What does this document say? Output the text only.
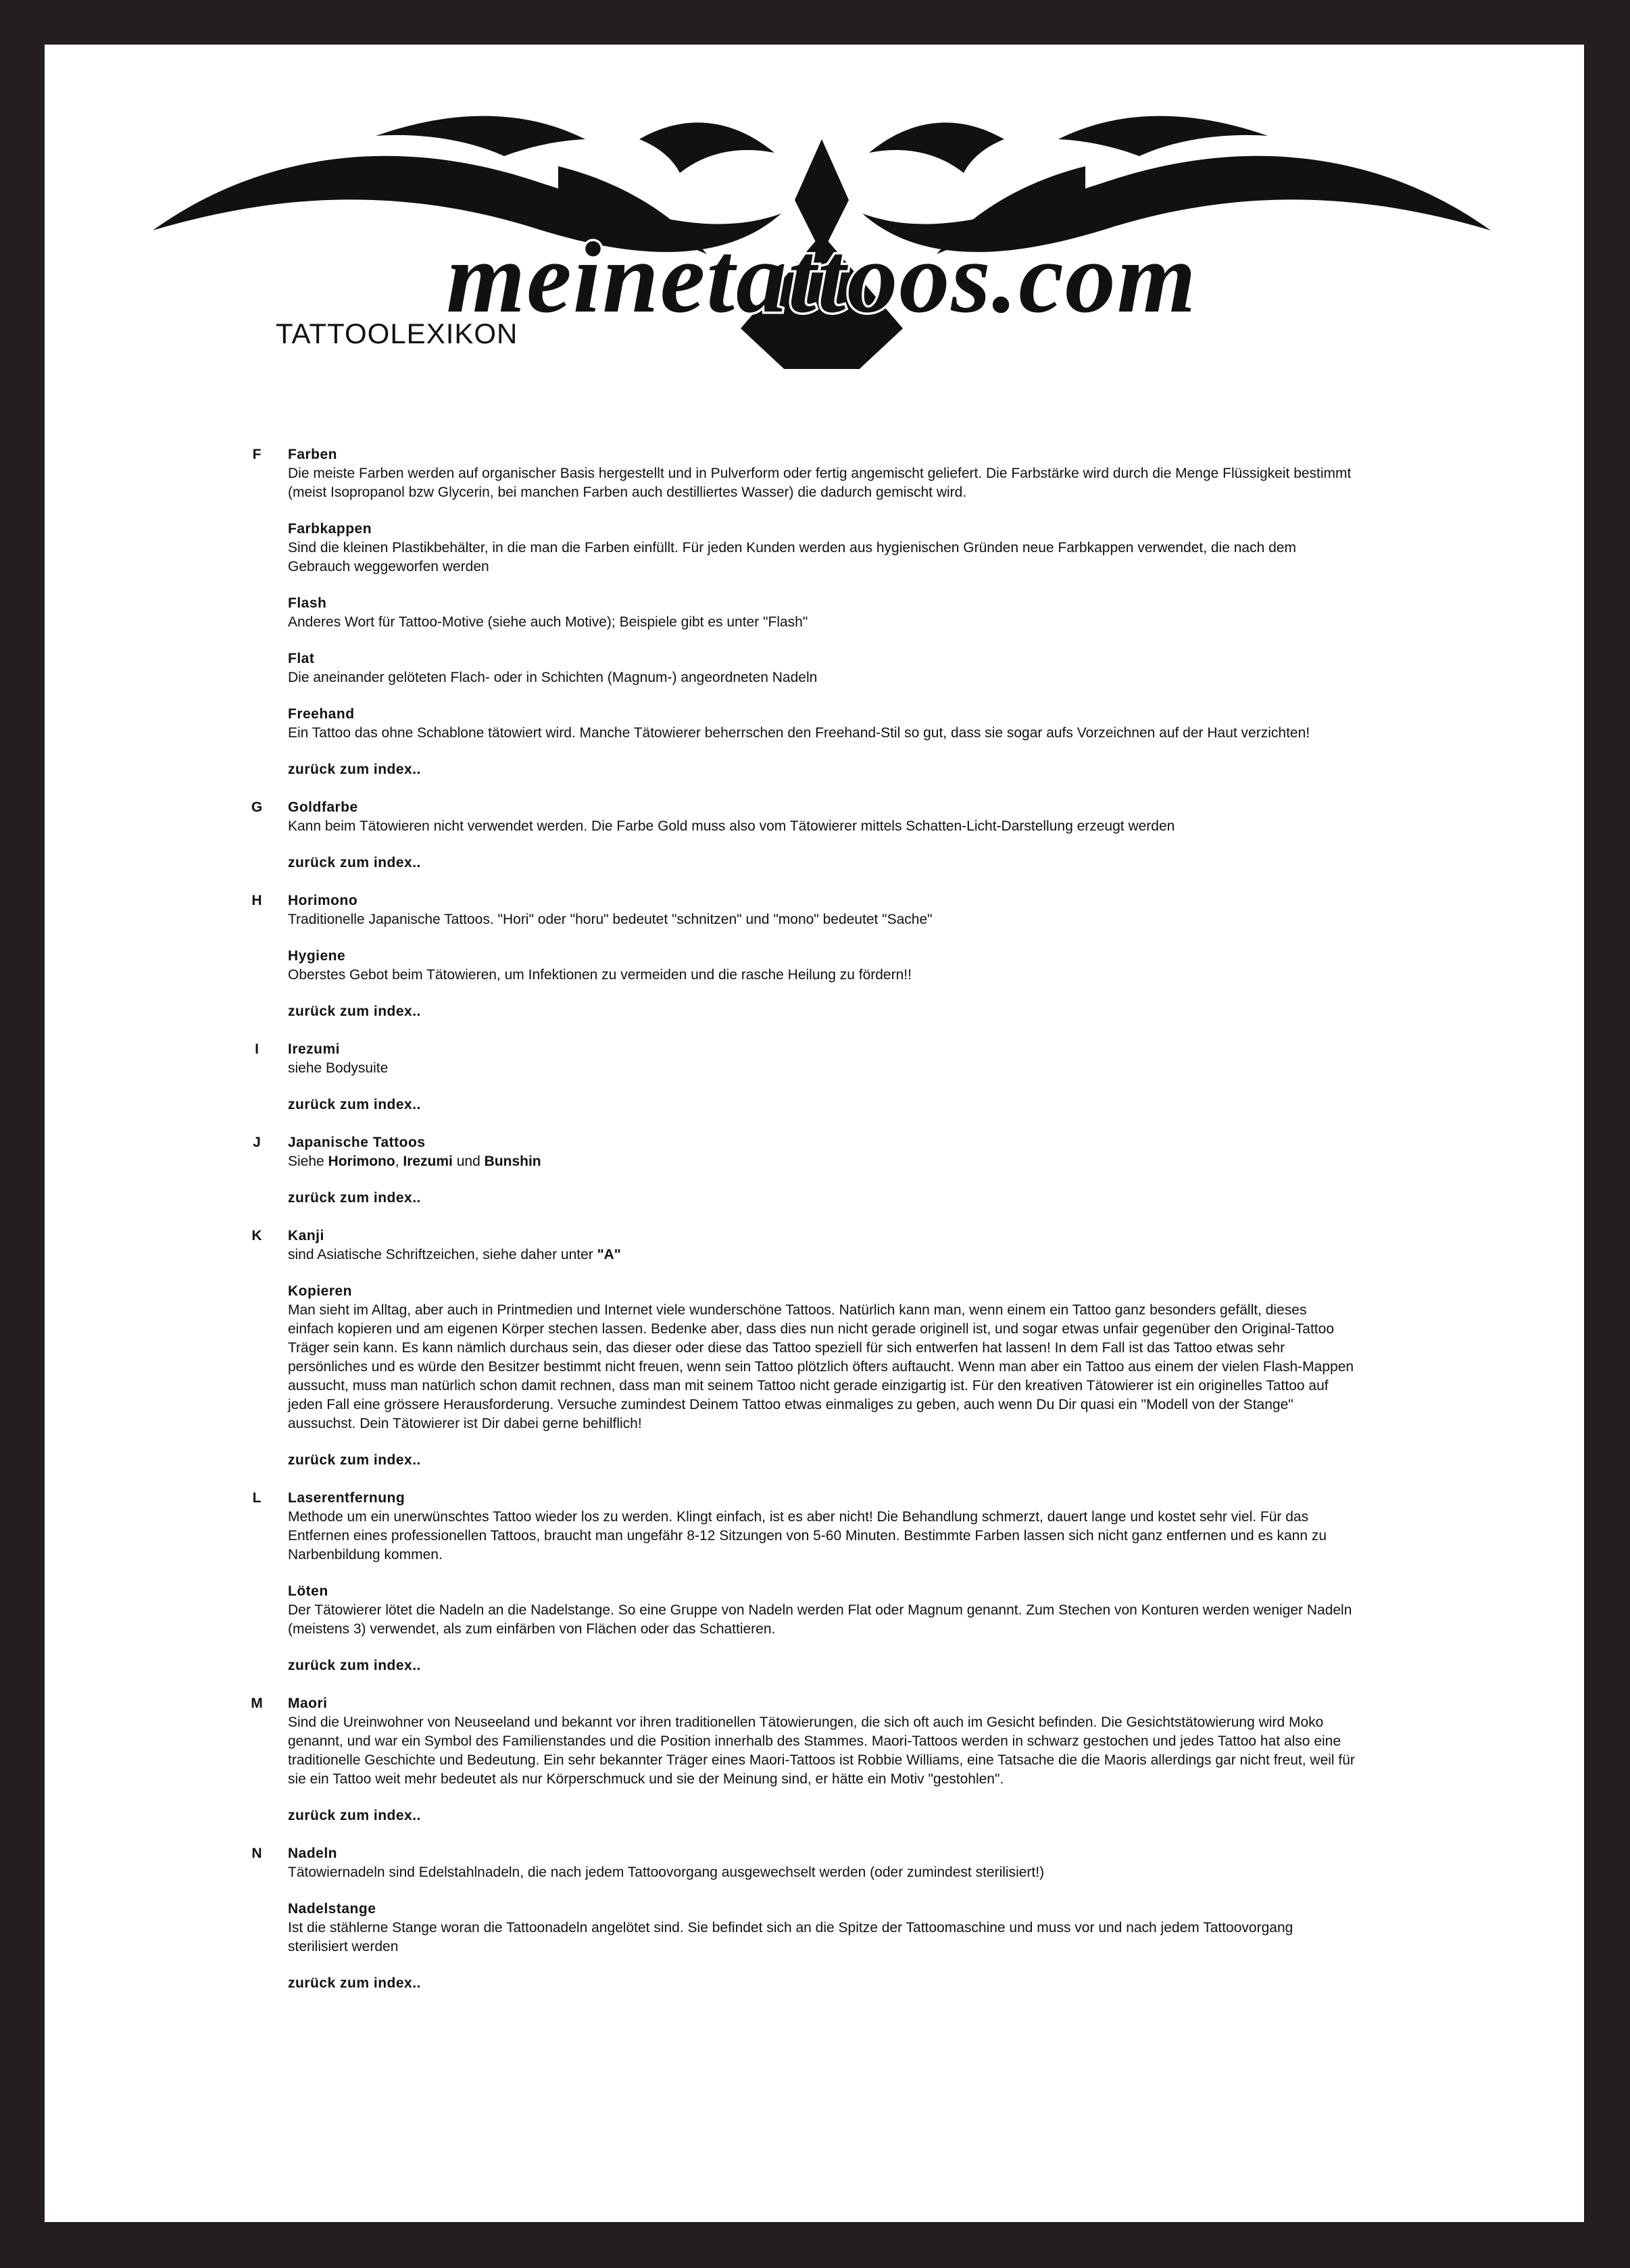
meinetattoos.com
TATTOOLEXIKON
F	Farben
Die meiste Farben werden auf organischer Basis hergestellt und in Pulverform oder fertig angemischt geliefert. Die Farbstärke wird durch die Menge Flüssigkeit bestimmt (meist Isopropanol bzw Glycerin, bei manchen Farben auch destilliertes Wasser) die dadurch gemischt wird.
Farbkappen
Sind die kleinen Plastikbehälter, in die man die Farben einfüllt. Für jeden Kunden werden aus hygienischen Gründen neue Farbkappen verwendet, die nach dem Gebrauch weggeworfen werden
Flash
Anderes Wort für Tattoo-Motive (siehe auch Motive); Beispiele gibt es unter "Flash"
Flat
Die aneinander gelöteten Flach- oder in Schichten (Magnum-) angeordneten Nadeln
Freehand
Ein Tattoo das ohne Schablone tätowiert wird. Manche Tätowierer beherrschen den Freehand-Stil so gut, dass sie sogar aufs Vorzeichnen auf der Haut verzichten!
zurück zum index..
G Goldfarbe
Kann beim Tätowieren nicht verwendet werden. Die Farbe Gold muss also vom Tätowierer mittels Schatten-Licht-Darstellung erzeugt werden
zurück zum index..
H	Horimono
Traditionelle Japanische Tattoos. "Hori" oder "horu" bedeutet "schnitzen" und "mono" bedeutet "Sache"
Hygiene
Oberstes Gebot beim Tätowieren, um Infektionen zu vermeiden und die rasche Heilung zu fördern!!
zurück zum index..
I	Irezumi
siehe Bodysuite
zurück zum index..
J	Japanische Tattoos
Siehe Horimono, Irezumi und Bunshin
zurück zum index..
K	Kanji
sind Asiatische Schriftzeichen, siehe daher unter "A"
Kopieren
Man sieht im Alltag, aber auch in Printmedien und Internet viele wunderschöne Tattoos. Natürlich kann man, wenn einem ein Tattoo ganz besonders gefällt, dieses einfach kopieren und am eigenen Körper stechen lassen. Bedenke aber, dass dies nun nicht gerade originell ist, und sogar etwas unfair gegenüber den Original-Tattoo Träger sein kann. Es kann nämlich durchaus sein, das dieser oder diese das Tattoo speziell für sich entwerfen hat lassen! In dem Fall ist das Tattoo etwas sehr persönliches und es würde den Besitzer bestimmt nicht freuen, wenn sein Tattoo plötzlich öfters auftaucht. Wenn man aber ein Tattoo aus einem der vielen Flash-Mappen aussucht, muss man natürlich schon damit rechnen, dass man mit seinem Tattoo nicht gerade einzigartig ist. Für den kreativen Tätowierer ist ein originelles Tattoo auf jeden Fall eine grössere Herausforderung. Versuche zumindest Deinem Tattoo etwas einmaliges zu geben, auch wenn Du Dir quasi ein "Modell von der Stange" aussuchst. Dein Tätowierer ist Dir dabei gerne behilflich!
zurück zum index..
L	Laserentfernung
Methode um ein unerwünschtes Tattoo wieder los zu werden. Klingt einfach, ist es aber nicht! Die Behandlung schmerzt, dauert lange und kostet sehr viel. Für das Entfernen eines professionellen Tattoos, braucht man ungefähr 8-12 Sitzungen von 5-60 Minuten. Bestimmte Farben lassen sich nicht ganz entfernen und es kann zu Narbenbildung kommen.
Löten
Der Tätowierer lötet die Nadeln an die Nadelstange. So eine Gruppe von Nadeln werden Flat oder Magnum genannt. Zum Stechen von Konturen werden weniger Nadeln (meistens 3) verwendet, als zum einfärben von Flächen oder das Schattieren.
zurück zum index..
M Maori
Sind die Ureinwohner von Neuseeland und bekannt vor ihren traditionellen Tätowierungen, die sich oft auch im Gesicht befinden. Die Gesichtstätowierung wird Moko genannt, und war ein Symbol des Familienstandes und die Position innerhalb des Stammes. Maori-Tattoos werden in schwarz gestochen und jedes Tattoo hat also eine traditionelle Geschichte und Bedeutung. Ein sehr bekannter Träger eines Maori-Tattoos ist Robbie Williams, eine Tatsache die die Maoris allerdings gar nicht freut, weil für sie ein Tattoo weit mehr bedeutet als nur Körperschmuck und sie der Meinung sind, er hätte ein Motiv "gestohlen".
zurück zum index..
N	Nadeln
Tätowiernadeln sind Edelstahlnadeln, die nach jedem Tattoovorgang ausgewechselt werden (oder zumindest sterilisiert!)
Nadelstange
Ist die stählerne Stange woran die Tattoonadeln angelötet sind. Sie befindet sich an die Spitze der Tattoomaschine und muss vor und nach jedem Tattoovorgang sterilisiert werden
zurück zum index..
